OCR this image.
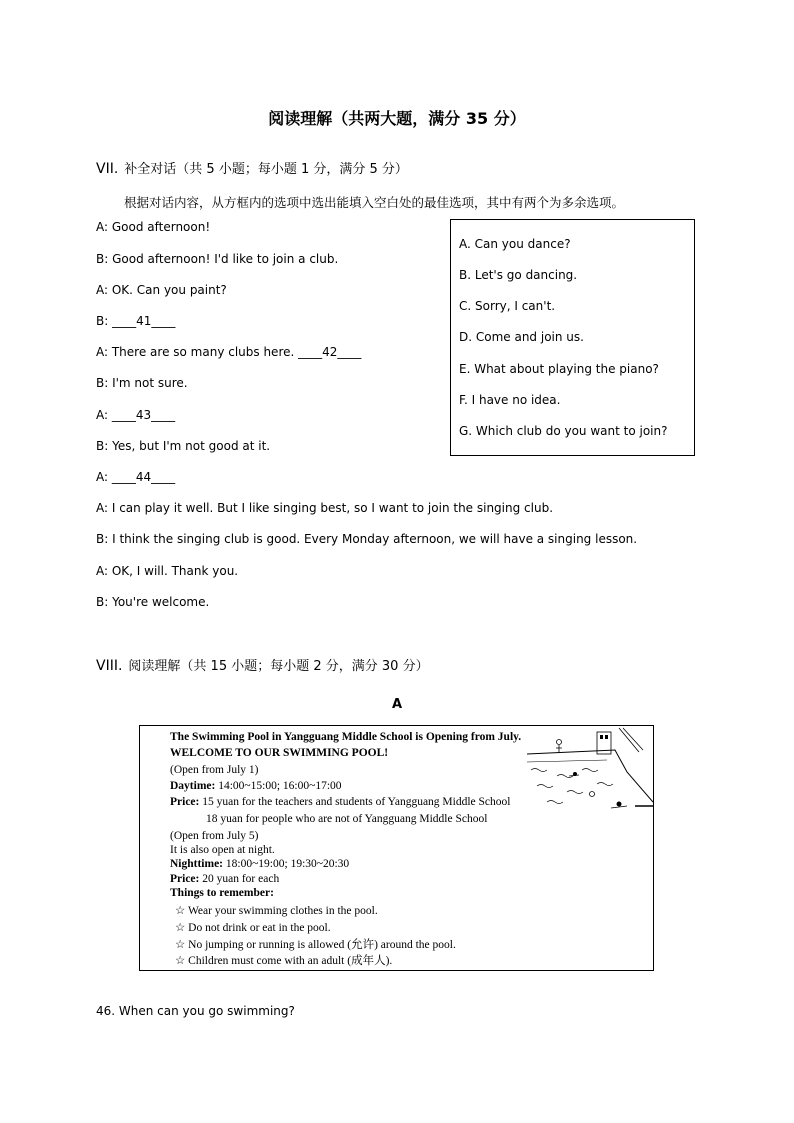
阅读理解（共两大题，满分 35 分）
VII. 补全对话（共 5 小题；每小题 1 分，满分 5 分）
根据对话内容，从方框内的选项中选出能填入空白处的最佳选项，其中有两个为多余选项。
A: Good afternoon!
B: Good afternoon! I'd like to join a club.
A: OK. Can you paint?
B: ____41____
A: There are so many clubs here. ____42____
B: I'm not sure.
A: ____43____
B: Yes, but I'm not good at it.
A: ____44____
A: I can play it well. But I like singing best, so I want to join the singing club.
B: I think the singing club is good. Every Monday afternoon, we will have a singing lesson.
A: OK, I will. Thank you.
B: You're welcome.
A. Can you dance?
B. Let's go dancing.
C. Sorry, I can't.
D. Come and join us.
E. What about playing the piano?
F. I have no idea.
G. Which club do you want to join?
VIII. 阅读理解（共 15 小题；每小题 2 分，满分 30 分）
A
The Swimming Pool in Yangguang Middle School is Opening from July.
WELCOME TO OUR SWIMMING POOL!
(Open from July 1)
Daytime: 14:00~15:00; 16:00~17:00
Price: 15 yuan for the teachers and students of Yangguang Middle School
18 yuan for people who are not of Yangguang Middle School
(Open from July 5)
It is also open at night.
Nighttime: 18:00~19:00; 19:30~20:30
Price: 20 yuan for each
Things to remember:
☆ Wear your swimming clothes in the pool.
☆ Do not drink or eat in the pool.
☆ No jumping or running is allowed (允许) around the pool.
☆ Children must come with an adult (成年人).
46. When can you go swimming?
